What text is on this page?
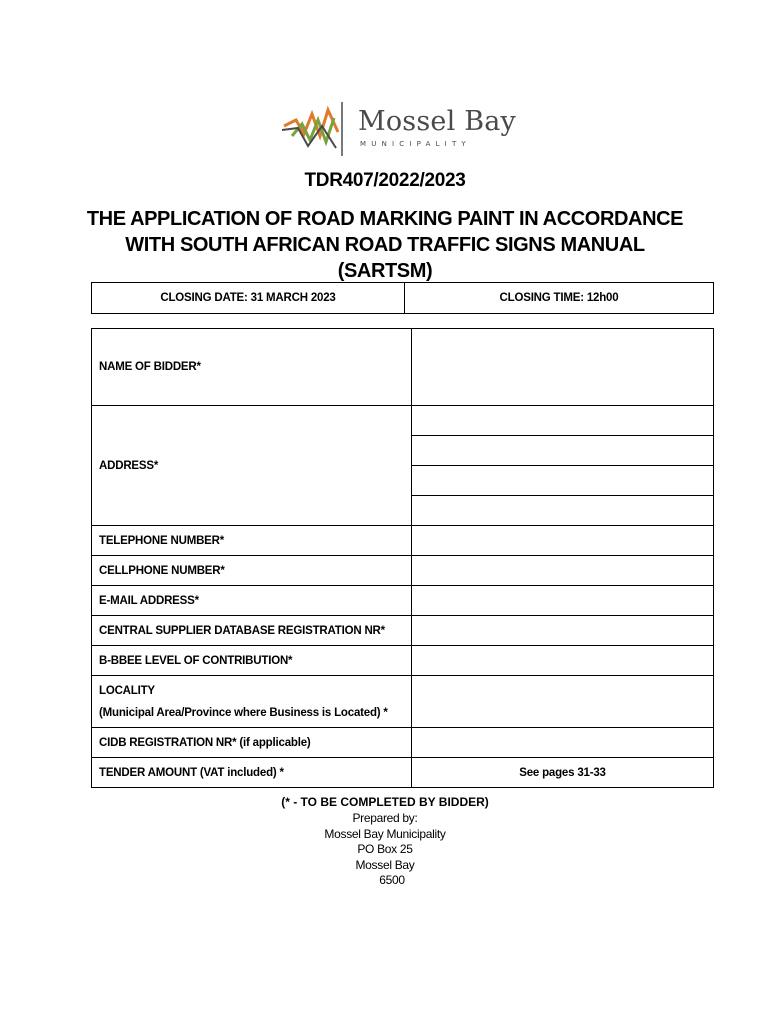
Mossel Bay
MUNICIPALITY
TDR407/2022/2023
THE APPLICATION OF ROAD MARKING PAINT IN ACCORDANCE
WITH SOUTH AFRICAN ROAD TRAFFIC SIGNS MANUAL
(SARTSM)
CLOSING DATE: 31 MARCH 2023	CLOSING TIME: 12h00
NAME OF BIDDER*	
ADDRESS*	

TELEPHONE NUMBER*	
CELLPHONE NUMBER*	
E-MAIL ADDRESS*	
CENTRAL SUPPLIER DATABASE REGISTRATION NR*	
B-BBEE LEVEL OF CONTRIBUTION*	
LOCALITY
(Municipal Area/Province where Business is Located) *	

CIDB REGISTRATION NR* (if applicable)	
TENDER AMOUNT (VAT included) *	See pages 31-33
(* - TO BE COMPLETED BY BIDDER)
Prepared by:
Mossel Bay Municipality
PO Box 25
Mossel Bay
6500
